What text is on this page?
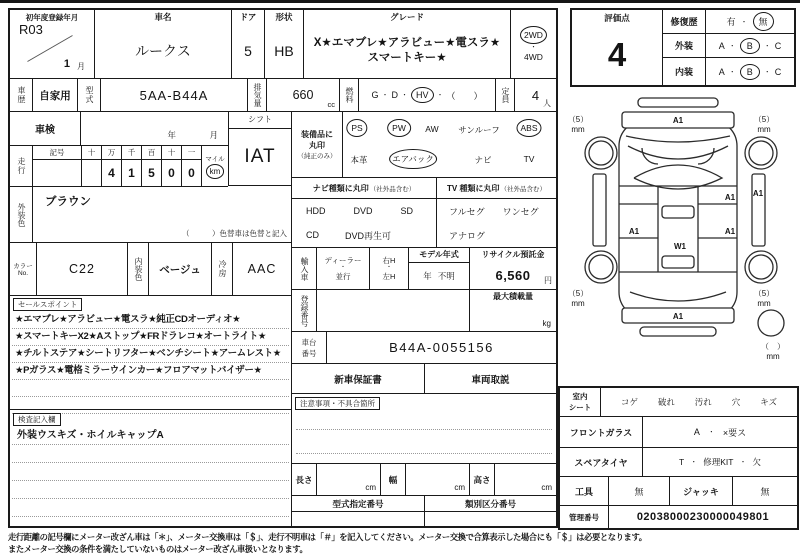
初年度登録年月
R03
1 月
車名
ルークス
ドア
5
形状
HB
グレード
X★エマブレ★アラビュー★電スラ★スマートキー★
2WD
・
4WD
車歴	自家用	型式	5AA-B44A	排気量	660
cc
燃料 G ・ D ・ HV	・ （　　） 定員	4
人
車検	年	月
走行
記号	十	万
4
千
1
百
5
十
0
一
0
マイル
km
シフト
IAT
外装色
ブラウン
（　　　）色替車は色替と記入
カラー
No.	C22	内装色	ベージュ	冷房	AAC
セールスポイント
★エマブレ★アラビュー★電スラ★純正CDオーディオ★
★スマートキーX2★Aストップ★FRドラレコ★オートライト★
★チルトステア★シートリフター★ベンチシート★アームレスト★
★Pガラス★電格ミラーウインカー★フロアマットバイザー★
検査記入欄
外装ウスキズ・ホイルキャップA
装備品に
丸印
（純正のみ）
PS	PW	AW サンルーフ	ABS
本革	エアバック	ナビ	TV
ナビ種類に丸印 （社外品含む）
HDD	DVD	SD
CD	DVD再生可
TV 種類に丸印 （社外品含む）
フルセグ ワンセグ
アナログ
輸入車 ディーラー
・
並行
右H
・
左H
モデル年式
年 不明
リサイクル預託金
6,560	円
登録番号	最大積載量
kg
車台
番号	B44A-0055156
新車保証書	車両取説
注意事項・不具合箇所
長さ
cm
幅
cm
高さ
cm
型式指定番号	類別区分番号
評価点
4
修復歴	有 ・	無
外装	A ・	B	・ C
内装	A ・	B	・ C
A1
A1
A1
A1
A1
W1
A1
（5）
mm
（5）
mm
（5）
mm
（5）
mm
（　）
mm
室内
シート
コゲ 破れ 汚れ 穴 キズ
フロントガラス	A ・ ×要ス
スペアタイヤ	T ・ 修理KIT ・ 欠
工具	無	ジャッキ	無
管理番号	02038000230000049801
走行距離の記号欄にメーター改ざん車は「＊」、メーター交換車は「＄」、走行不明車は「＃」を記入してください。メーター交換で合算表示した場合にも「＄」は必要となります。
またメーター交換の条件を満たしていないものはメーター改ざん車扱いとなります。
